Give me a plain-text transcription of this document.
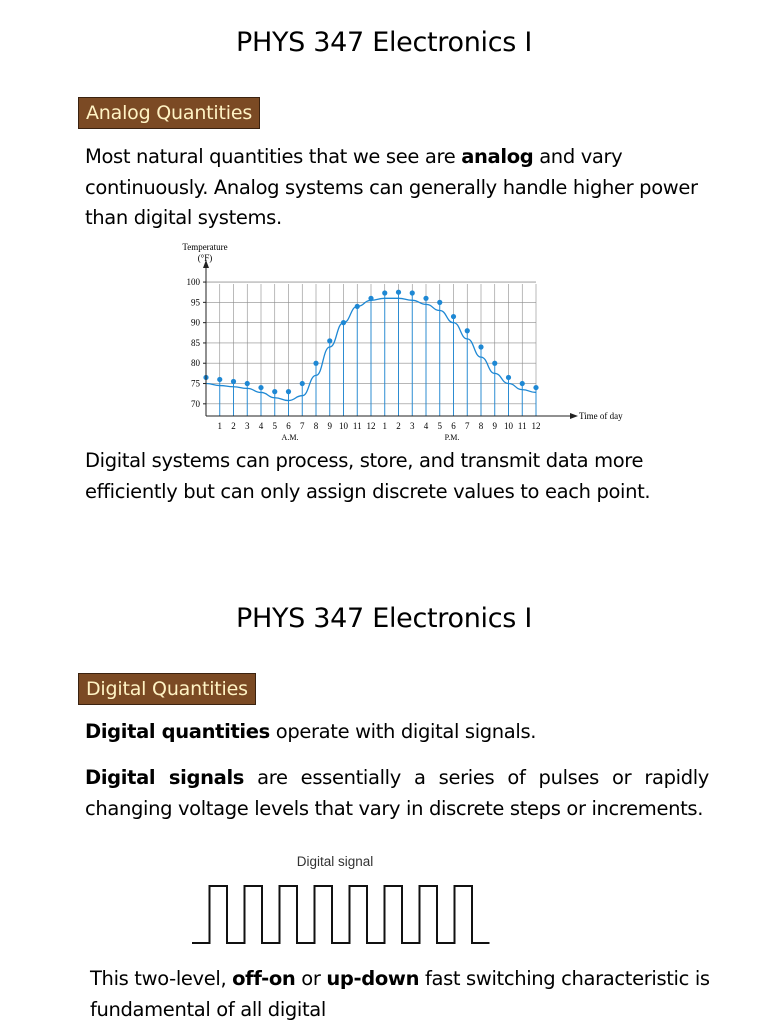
PHYS 347 Electronics I
Analog Quantities
Most natural quantities that we see are analog and vary continuously. Analog systems can generally handle higher power than digital systems.
70
75
80
85
90
95
100
1 2 3 4 5 6 7 8 9 10 11 12 1 2 3 4 5 6 7 8 9 10 11 12
Temperature
(°F)
Time of day
A.M.	P.M.
Digital systems can process, store, and transmit data more efficiently but can only assign discrete values to each point.
PHYS 347 Electronics I
Digital Quantities
Digital quantities operate with digital signals.
Digital signals are essentially a series of pulses or rapidly changing voltage levels that vary in discrete steps or increments.
Digital signal
This two-level, off-on or up-down fast switching characteristic is fundamental of all digital
